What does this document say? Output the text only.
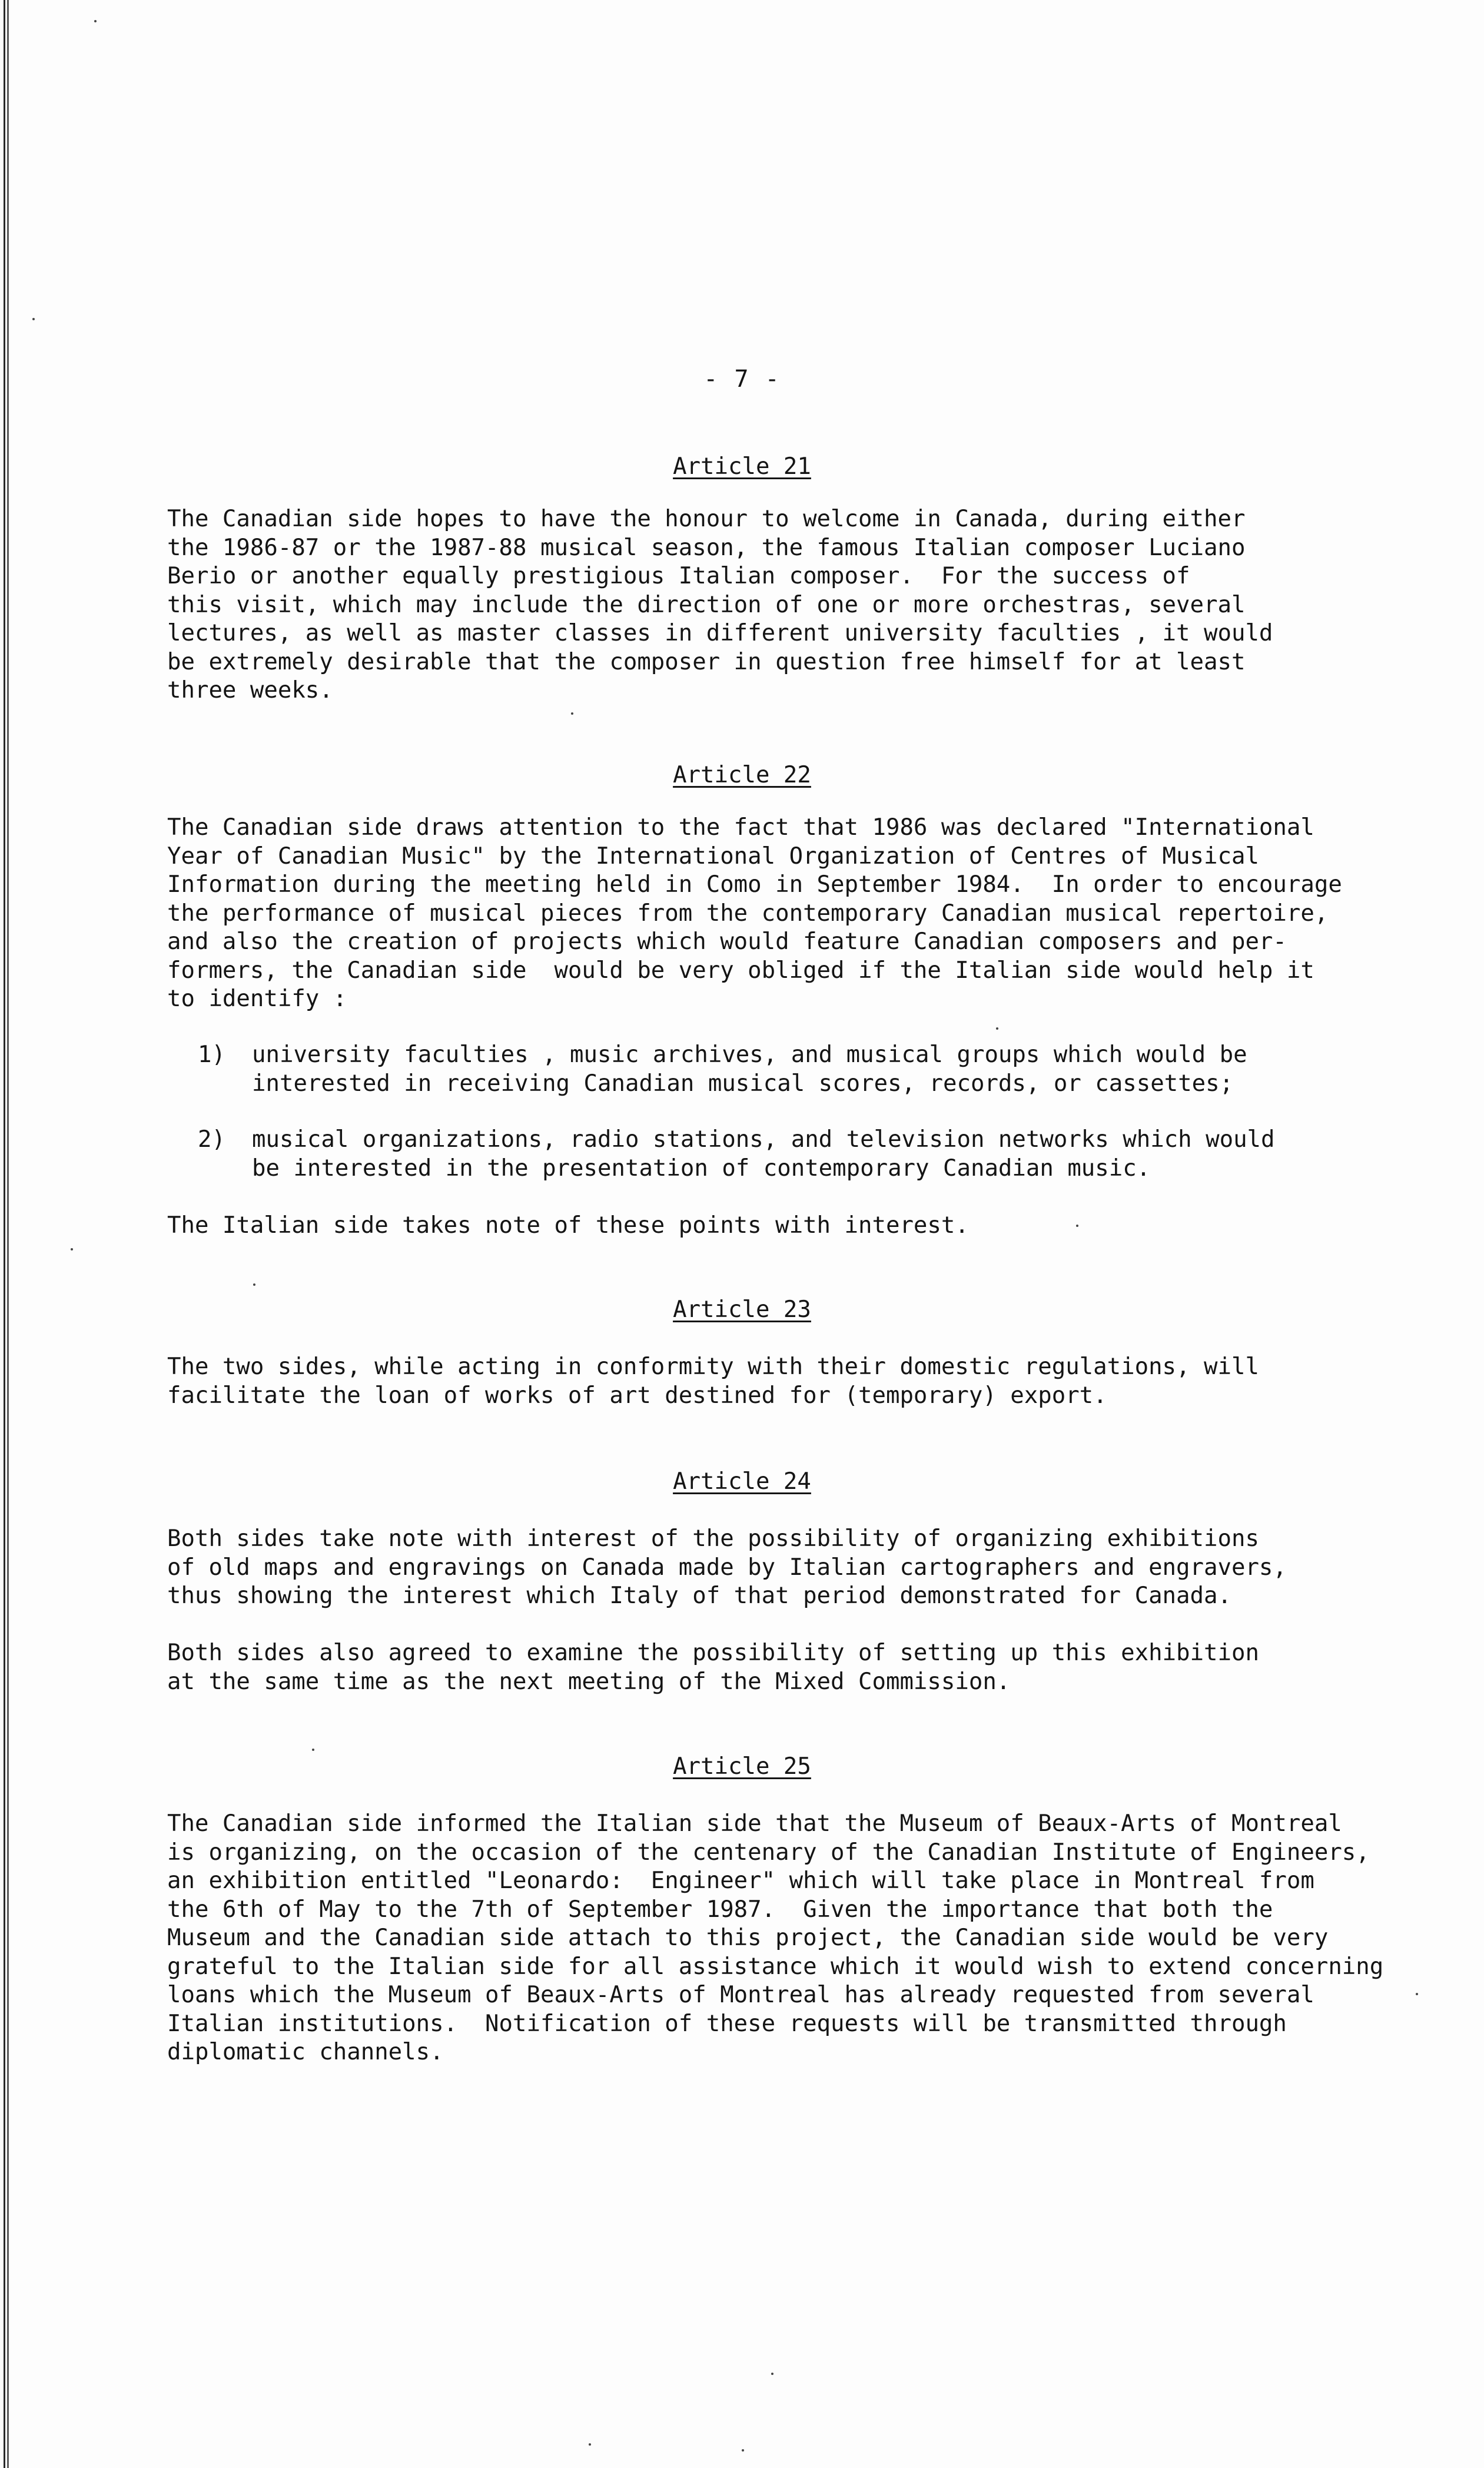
- 7 -
Article 21

The Canadian side hopes to have the honour to welcome in Canada, during either
the 1986-87 or the 1987-88 musical season, the famous Italian composer Luciano
Berio or another equally prestigious Italian composer.  For the success of
this visit, which may include the direction of one or more orchestras, several
lectures, as well as master classes in different university faculties , it would
be extremely desirable that the composer in question free himself for at least
three weeks.

Article 22

The Canadian side draws attention to the fact that 1986 was declared "International
Year of Canadian Music" by the International Organization of Centres of Musical
Information during the meeting held in Como in September 1984.  In order to encourage
the performance of musical pieces from the contemporary Canadian musical repertoire,
and also the creation of projects which would feature Canadian composers and per-
formers, the Canadian side  would be very obliged if the Italian side would help it
to identify :

1) university faculties , music archives, and musical groups which would be
interested in receiving Canadian musical scores, records, or cassettes;

2) musical organizations, radio stations, and television networks which would
be interested in the presentation of contemporary Canadian music.

The Italian side takes note of these points with interest.

Article 23

The two sides, while acting in conformity with their domestic regulations, will
facilitate the loan of works of art destined for (temporary) export.

Article 24

Both sides take note with interest of the possibility of organizing exhibitions
of old maps and engravings on Canada made by Italian cartographers and engravers,
thus showing the interest which Italy of that period demonstrated for Canada.

Both sides also agreed to examine the possibility of setting up this exhibition
at the same time as the next meeting of the Mixed Commission.

Article 25

The Canadian side informed the Italian side that the Museum of Beaux-Arts of Montreal
is organizing, on the occasion of the centenary of the Canadian Institute of Engineers,
an exhibition entitled "Leonardo:  Engineer" which will take place in Montreal from
the 6th of May to the 7th of September 1987.  Given the importance that both the
Museum and the Canadian side attach to this project, the Canadian side would be very
grateful to the Italian side for all assistance which it would wish to extend concerning
loans which the Museum of Beaux-Arts of Montreal has already requested from several
Italian institutions.  Notification of these requests will be transmitted through
diplomatic channels.
